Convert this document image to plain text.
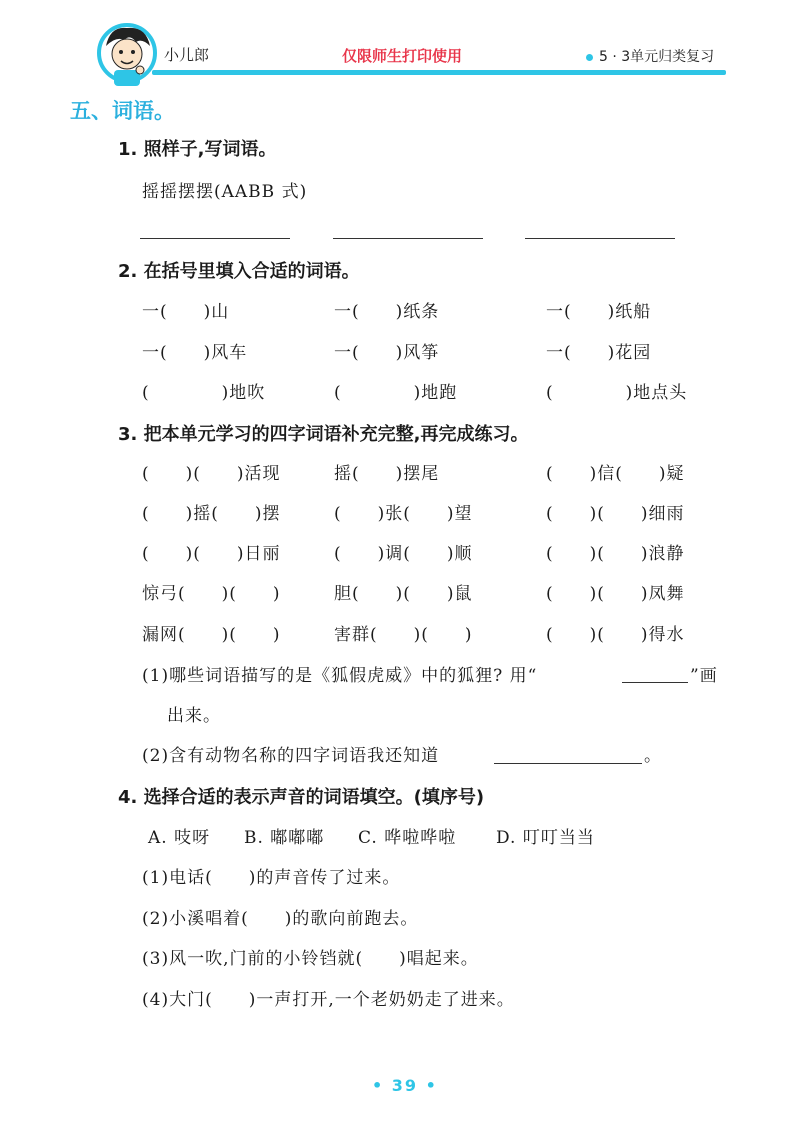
小儿郎	仅限师生打印使用	5 · 3单元归类复习
五、词语。
1. 照样子,写词语。
摇摇摆摆(AABB 式)
2. 在括号里填入合适的词语。
一(　　)山	一(　　)纸条	一(　　)纸船
一(　　)风车	一(　　)风筝	一(　　)花园
(　　　　)地吹	(　　　　)地跑	(　　　　)地点头
3. 把本单元学习的四字词语补充完整,再完成练习。
(　　)(　　)活现	摇(　　)摆尾	(　　)信(　　)疑
(　　)摇(　　)摆	(　　)张(　　)望	(　　)(　　)细雨
(　　)(　　)日丽	(　　)调(　　)顺	(　　)(　　)浪静
惊弓(　　)(　　)	胆(　　)(　　)鼠	(　　)(　　)凤舞
漏网(　　)(　　)	害群(　　)(　　)	(　　)(　　)得水
(1)哪些词语描写的是《狐假虎威》中的狐狸? 用“	”画
出来。
(2)含有动物名称的四字词语我还知道	。
4. 选择合适的表示声音的词语填空。(填序号)
A. 吱呀 B. 嘟嘟嘟 C. 哗啦哗啦 D. 叮叮当当
(1)电话(　　)的声音传了过来。
(2)小溪唱着(　　)的歌向前跑去。
(3)风一吹,门前的小铃铛就(　　)唱起来。
(4)大门(　　)一声打开,一个老奶奶走了进来。
• 39 •
